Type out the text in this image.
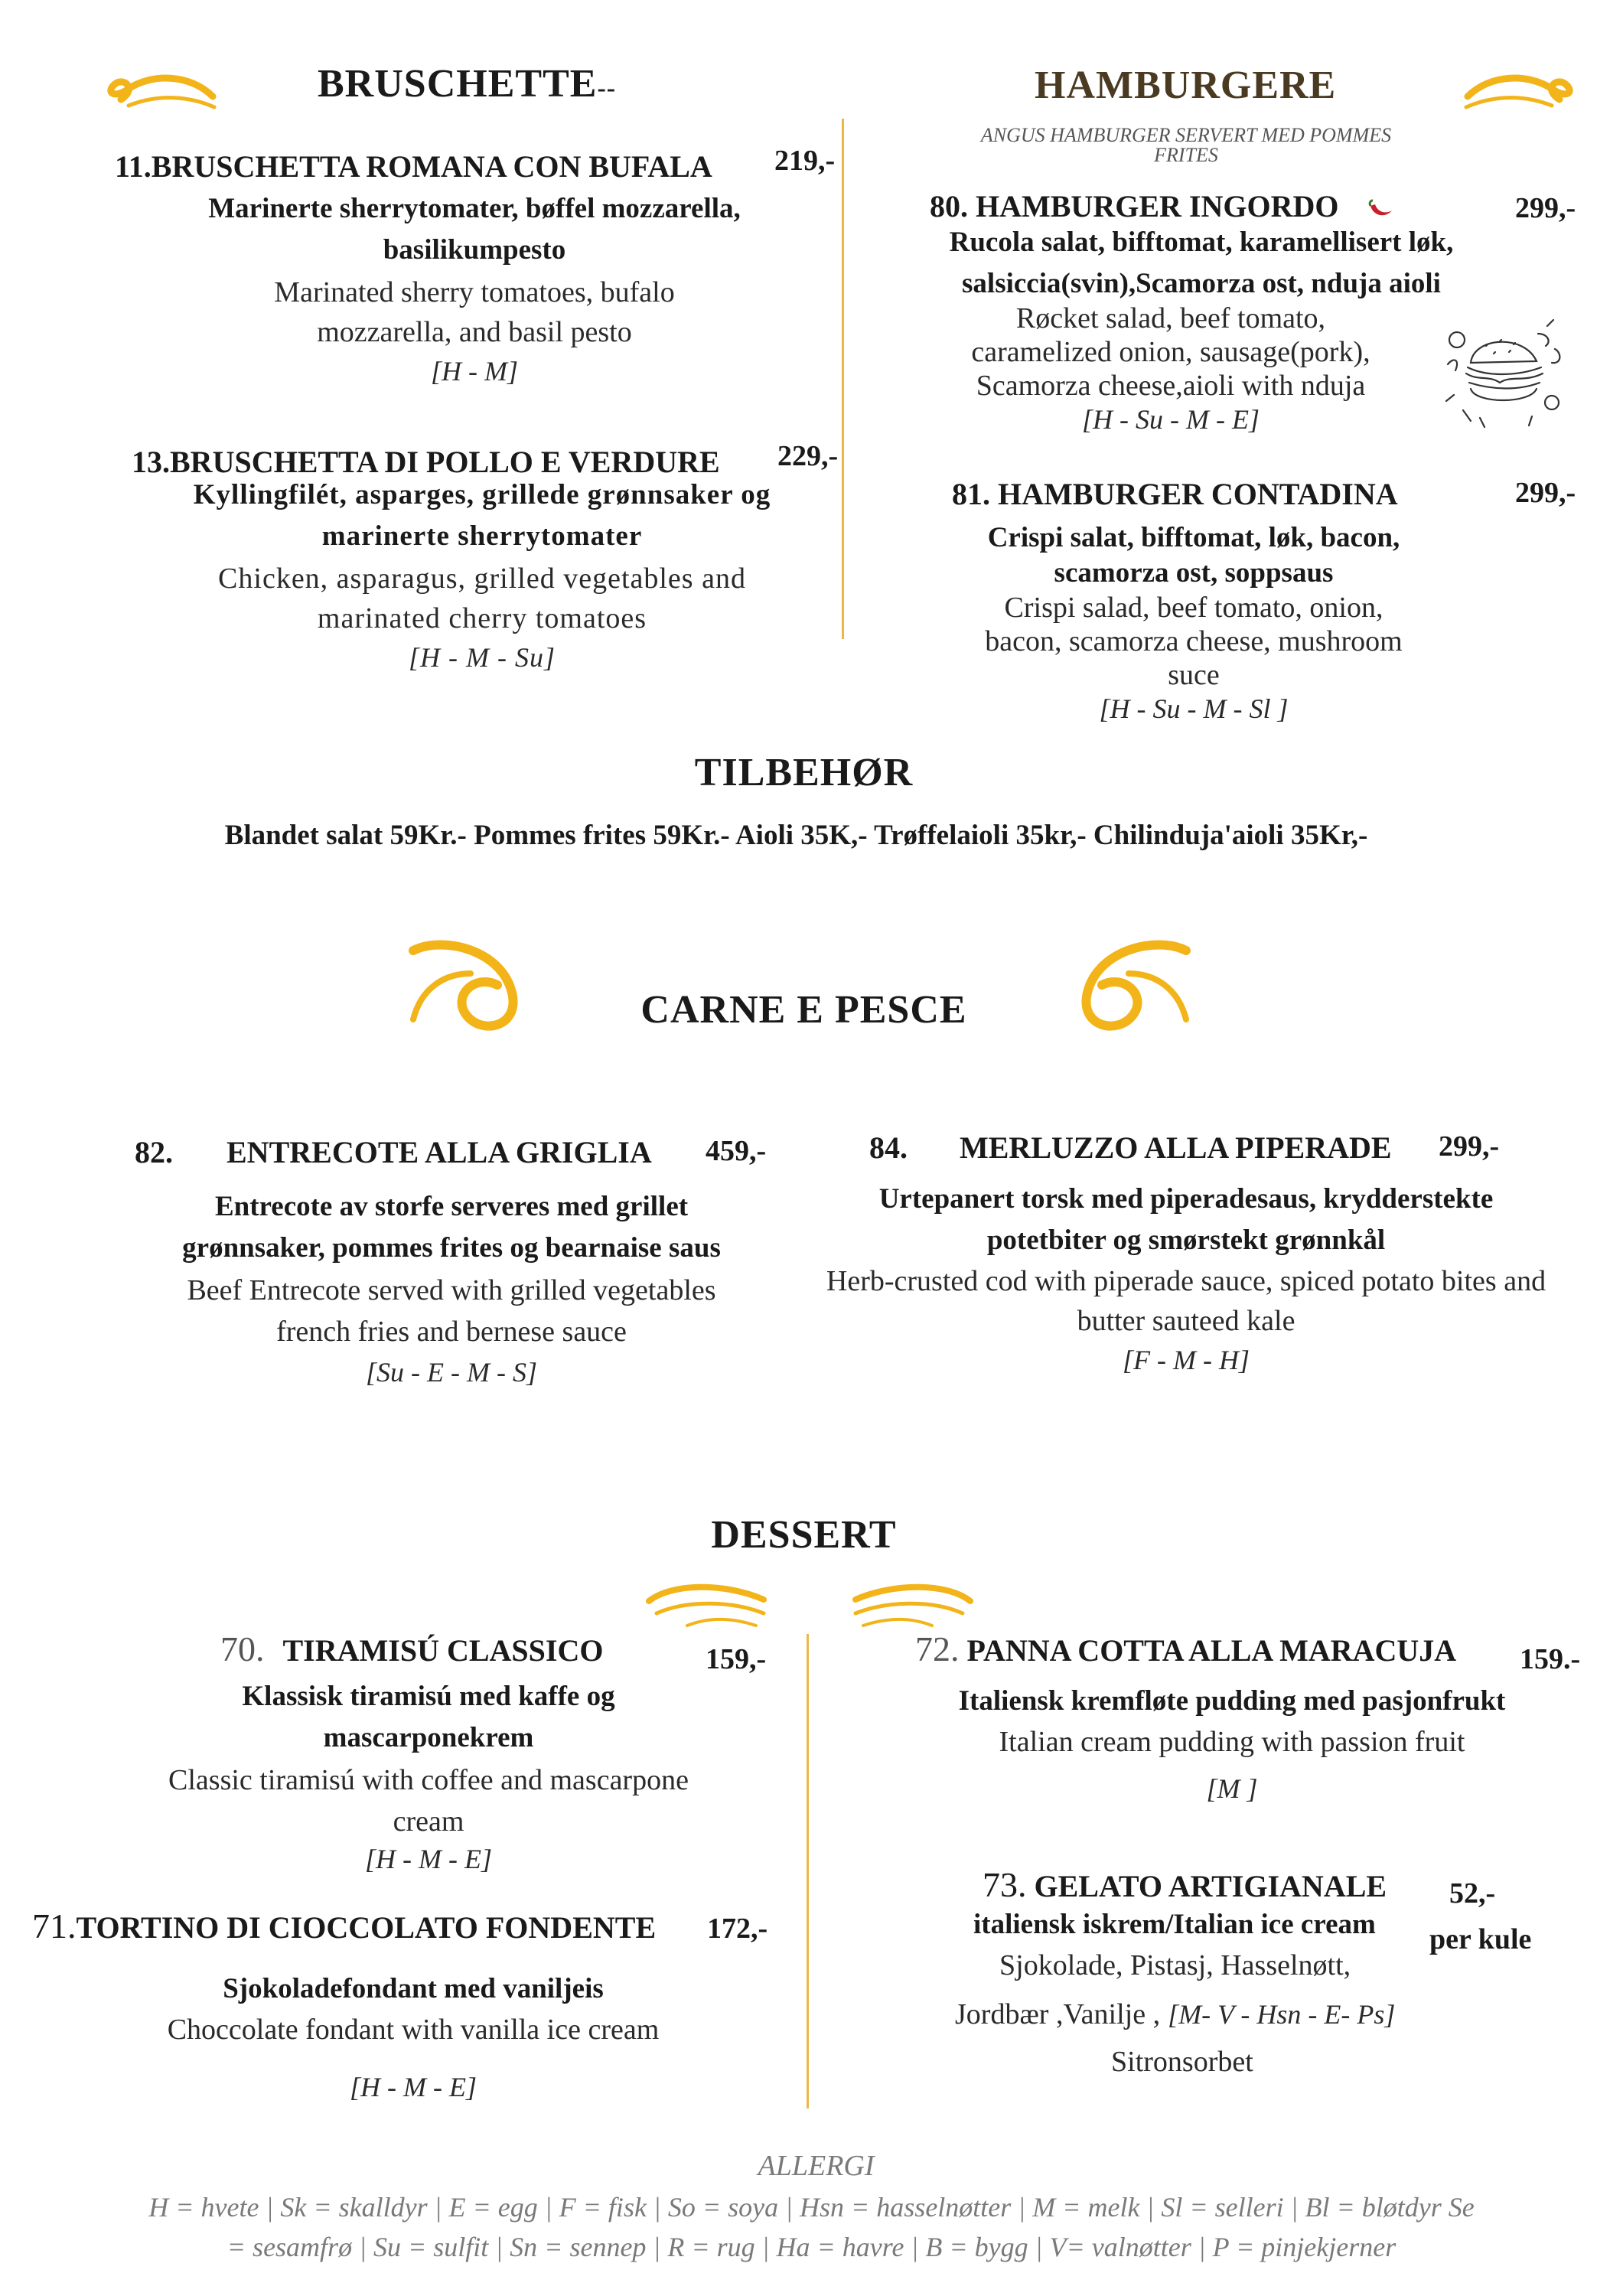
BRUSCHETTE--
11.BRUSCHETTA ROMANA CON BUFALA 219,-
Marinerte sherrytomater, bøffel mozzarella,
basilikumpesto
Marinated sherry tomatoes, bufalo
mozzarella, and basil pesto
[H - M]
13.BRUSCHETTA DI POLLO E VERDURE 229,-
Kyllingfilét, asparges, grillede grønnsaker og
marinerte sherrytomater
Chicken, asparagus, grilled vegetables and
marinated cherry tomatoes
[H - M - Su]
HAMBURGERE
ANGUS HAMBURGER SERVERT MED POMMES
FRITES
80. HAMBURGER INGORDO	299,-
Rucola salat, bifftomat, karamellisert løk,
salsiccia(svin),Scamorza ost, nduja aioli
Røcket salad, beef tomato,
caramelized onion, sausage(pork),
Scamorza cheese,aioli with nduja
[H - Su - M - E]
81. HAMBURGER CONTADINA	299,-
Crispi salat, bifftomat, løk, bacon,
scamorza ost, soppsaus
Crispi salad, beef tomato, onion,
bacon, scamorza cheese, mushroom
suce
[H - Su - M - Sl ]
TILBEHØR
Blandet salat 59Kr.- Pommes frites 59Kr.- Aioli 35K,- Trøffelaioli 35kr,- Chilinduja'aioli 35Kr,-
CARNE E PESCE
82. ENTRECOTE ALLA GRIGLIA 459,-
Entrecote av storfe serveres med grillet
grønnsaker, pommes frites og bearnaise saus
Beef Entrecote served with grilled vegetables
french fries and bernese sauce
[Su - E - M - S]
84. MERLUZZO ALLA PIPERADE 299,-
Urtepanert torsk med piperadesaus, krydderstekte
potetbiter og smørstekt grønnkål
Herb-crusted cod with piperade sauce, spiced potato bites and
butter sauteed kale
[F - M - H]
DESSERT
70. TIRAMISÚ CLASSICO	159,-
Klassisk tiramisú med kaffe og
mascarponekrem
Classic tiramisú with coffee and mascarpone
cream
[H - M - E]
71.TORTINO DI CIOCCOLATO FONDENTE 172,-
Sjokoladefondant med vaniljeis
Choccolate fondant with vanilla ice cream
[H - M - E]
72. PANNA COTTA ALLA MARACUJA 159.-
Italiensk kremfløte pudding med pasjonfrukt
Italian cream pudding with passion fruit
[M ]
73. GELATO ARTIGIANALE 52,-
per kule
italiensk iskrem/Italian ice cream
Sjokolade, Pistasj, Hasselnøtt,
Jordbær ,Vanilje , [M- V - Hsn - E- Ps]
Sitronsorbet
ALLERGI
H = hvete | Sk = skalldyr | E = egg | F = fisk | So = soya | Hsn = hasselnøtter | M = melk | Sl = selleri | Bl = bløtdyr Se
= sesamfrø | Su = sulfit | Sn = sennep | R = rug | Ha = havre | B = bygg | V= valnøtter | P = pinjekjerner
